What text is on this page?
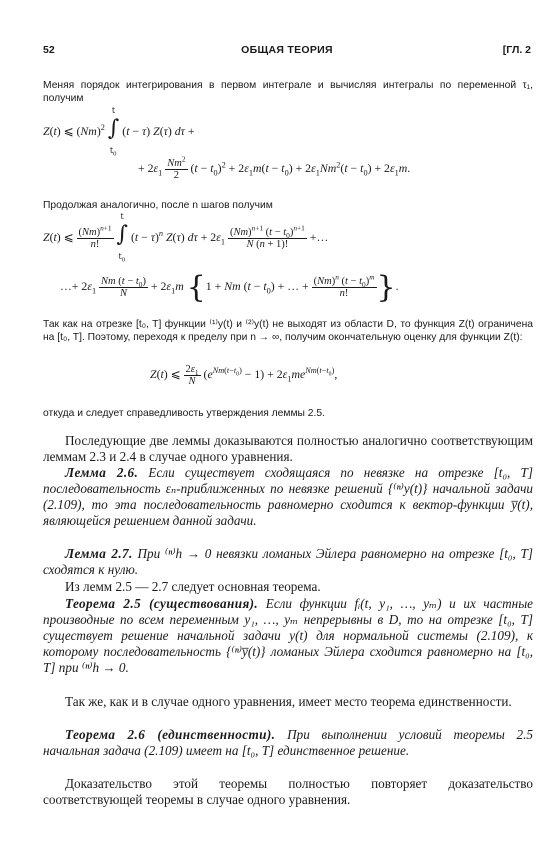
52	ОБЩАЯ ТЕОРИЯ	[ГЛ. 2
Меняя порядок интегрирования в первом интеграле и вычисляя интегралы по переменной τ₁, получим
Z(t) ⩽ $(Nm)^2$ ∫
t
$t_0$
(t − τ) Z(τ) dτ +
+ $2\varepsilon_1 \frac{Nm^2}{2} (t - t_0)^2 + 2\varepsilon_1m(t - t_0) + 2\varepsilon_1Nm^2(t - t_0) + 2\varepsilon_1m$.
Продолжая аналогично, после n шагов получим
Z(t) ⩽ $\frac{(Nm)^{n+1}}{n!}$ ∫
t
$t_0$
$(t - \tau)^n$ Z(τ) $d\tau + 2\varepsilon_1 \frac{(Nm)^{n+1} (t - t_0)^{n+1}}{N (n + 1)!}$ +…
…+ $2\varepsilon_1 \frac{Nm (t - t_0)}{N} + 2\varepsilon_1m$ {1 + Nm $(t - t_0)$ + … + $\frac{(Nm)^n (t - t_0)^m}{n!}$ }.
Так как на отрезке [t₀, T] функции ⁽¹⁾y(t) и ⁽²⁾y(t) не выходят из области D, то функция Z(t) ограничена на [t₀, T]. Поэтому, переходя к пределу при n → ∞, получим окончательную оценку для функции Z(t):
Z(t) ⩽ $\frac{2\varepsilon_1}{N} (e^{Nm(t-t_0)} - 1) + 2\varepsilon_1me^{Nm(t-t_0)}$,
откуда и следует справедливость утверждения леммы 2.5.
Последующие две леммы доказываются полностью аналогично соответствующим леммам 2.3 и 2.4 в случае одного уравнения.
Лемма 2.6. Если существует сходящаяся по невязке на отрезке [t₀, T] последовательность εₙ-приближенных по невязке решений {⁽ⁿ⁾y(t)} начальной задачи (2.109), то эта последовательность равномерно сходится к вектор-функции y̅(t), являющейся решением данной задачи.
Лемма 2.7. При ⁽ⁿ⁾h → 0 невязки ломаных Эйлера равномерно на отрезке [t₀, T] сходятся к нулю.
Из лемм 2.5 — 2.7 следует основная теорема.
Теорема 2.5 (существования). Если функции fᵢ(t, y₁, …, yₘ) и их частные производные по всем переменным y₁, …, yₘ непрерывны в D, то на отрезке [t₀, T] существует решение начальной задачи y(t) для нормальной системы (2.109), к которому последовательность {⁽ⁿ⁾y̅(t)} ломаных Эйлера сходится равномерно на [t₀, T] при ⁽ⁿ⁾h → 0.
Так же, как и в случае одного уравнения, имеет место теорема единственности.
Теорема 2.6 (единственности). При выполнении условий теоремы 2.5 начальная задача (2.109) имеет на [t₀, T] единственное решение.
Доказательство этой теоремы полностью повторяет доказательство соответствующей теоремы в случае одного уравнения.
